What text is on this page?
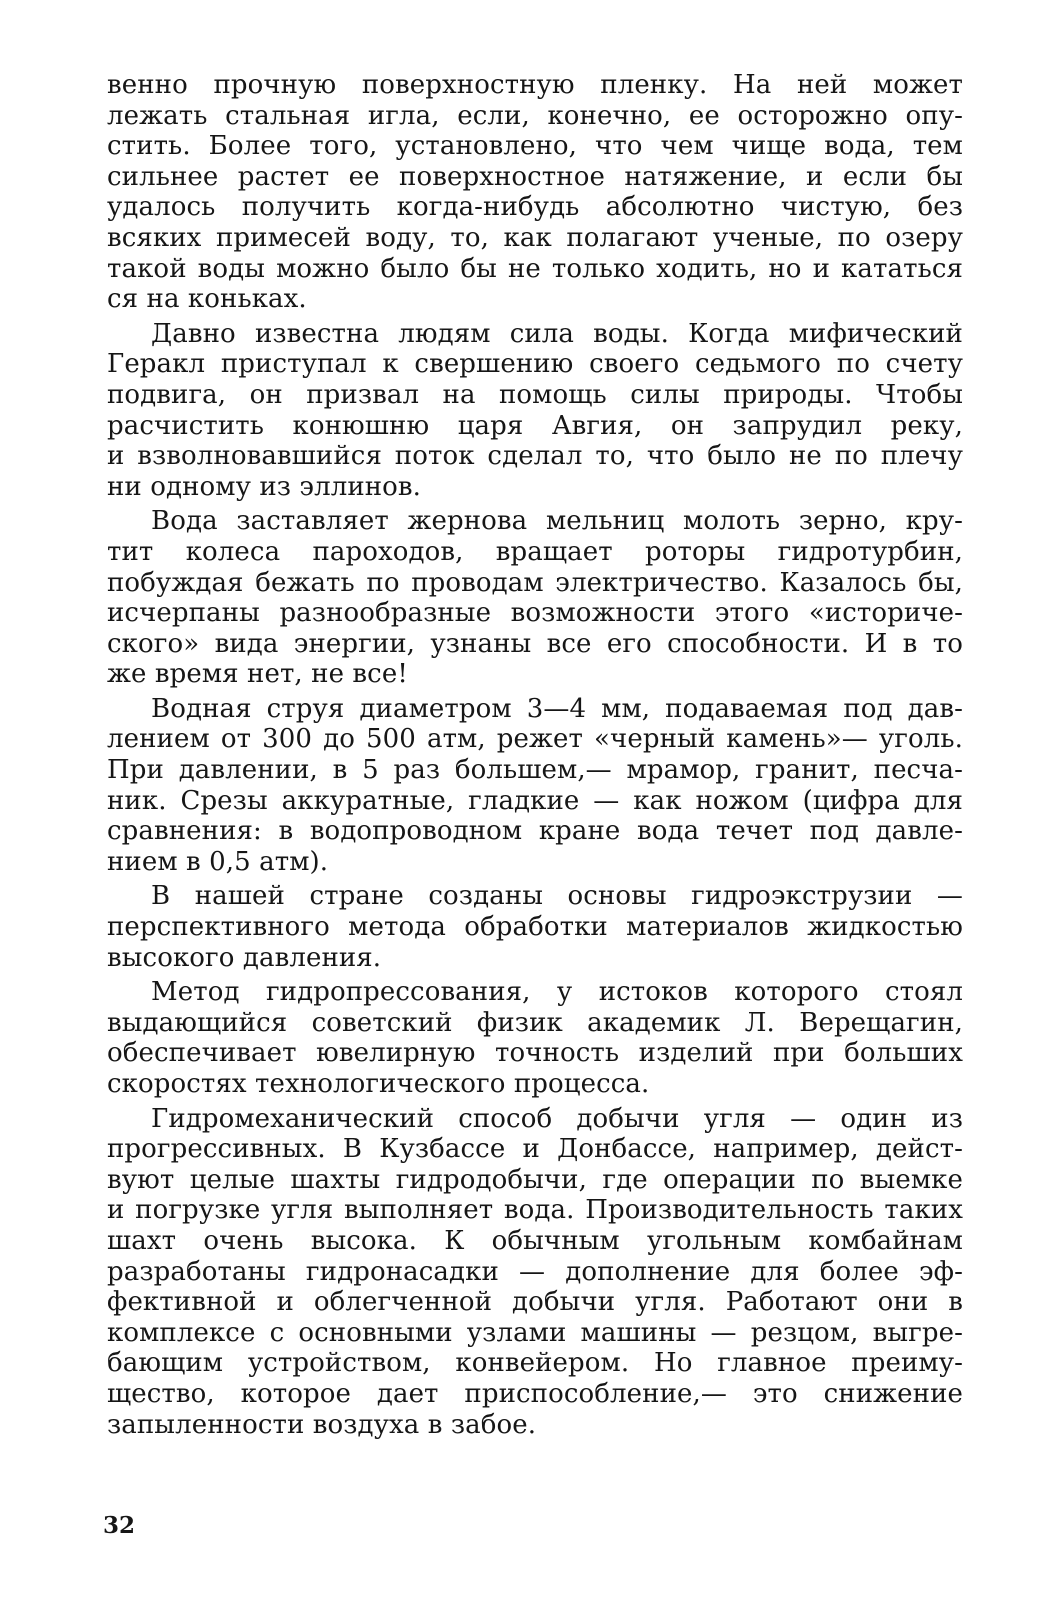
венно прочную поверхностную пленку. На ней может
лежать стальная игла, если, конечно, ее осторожно опу-
стить. Более того, установлено, что чем чище вода, тем
сильнее растет ее поверхностное натяжение, и если бы
удалось получить когда-нибудь абсолютно чистую, без
всяких примесей воду, то, как полагают ученые, по озеру
такой воды можно было бы не только ходить, но и кататься
ся на коньках.
Давно известна людям сила воды. Когда мифический
Геракл приступал к свершению своего седьмого по счету
подвига, он призвал на помощь силы природы. Чтобы
расчистить конюшню царя Авгия, он запрудил реку,
и взволновавшийся поток сделал то, что было не по плечу
ни одному из эллинов.
Вода заставляет жернова мельниц молоть зерно, кру-
тит колеса пароходов, вращает роторы гидротурбин,
побуждая бежать по проводам электричество. Казалось бы,
исчерпаны разнообразные возможности этого «историче-
ского» вида энергии, узнаны все его способности. И в то
же время нет, не все!
Водная струя диаметром 3—4 мм, подаваемая под дав-
лением от 300 до 500 атм, режет «черный камень»— уголь.
При давлении, в 5 раз большем,— мрамор, гранит, песча-
ник. Срезы аккуратные, гладкие — как ножом (цифра для
сравнения: в водопроводном кране вода течет под давле-
нием в 0,5 атм).
В нашей стране созданы основы гидроэкструзии —
перспективного метода обработки материалов жидкостью
высокого давления.
Метод гидропрессования, у истоков которого стоял
выдающийся советский физик академик Л. Верещагин,
обеспечивает ювелирную точность изделий при больших
скоростях технологического процесса.
Гидромеханический способ добычи угля — один из
прогрессивных. В Кузбассе и Донбассе, например, дейст-
вуют целые шахты гидродобычи, где операции по выемке
и погрузке угля выполняет вода. Производительность таких
шахт очень высока. К обычным угольным комбайнам
разработаны гидронасадки — дополнение для более эф-
фективной и облегченной добычи угля. Работают они в
комплексе с основными узлами машины — резцом, выгре-
бающим устройством, конвейером. Но главное преиму-
щество, которое дает приспособление,— это снижение
запыленности воздуха в забое.
32
